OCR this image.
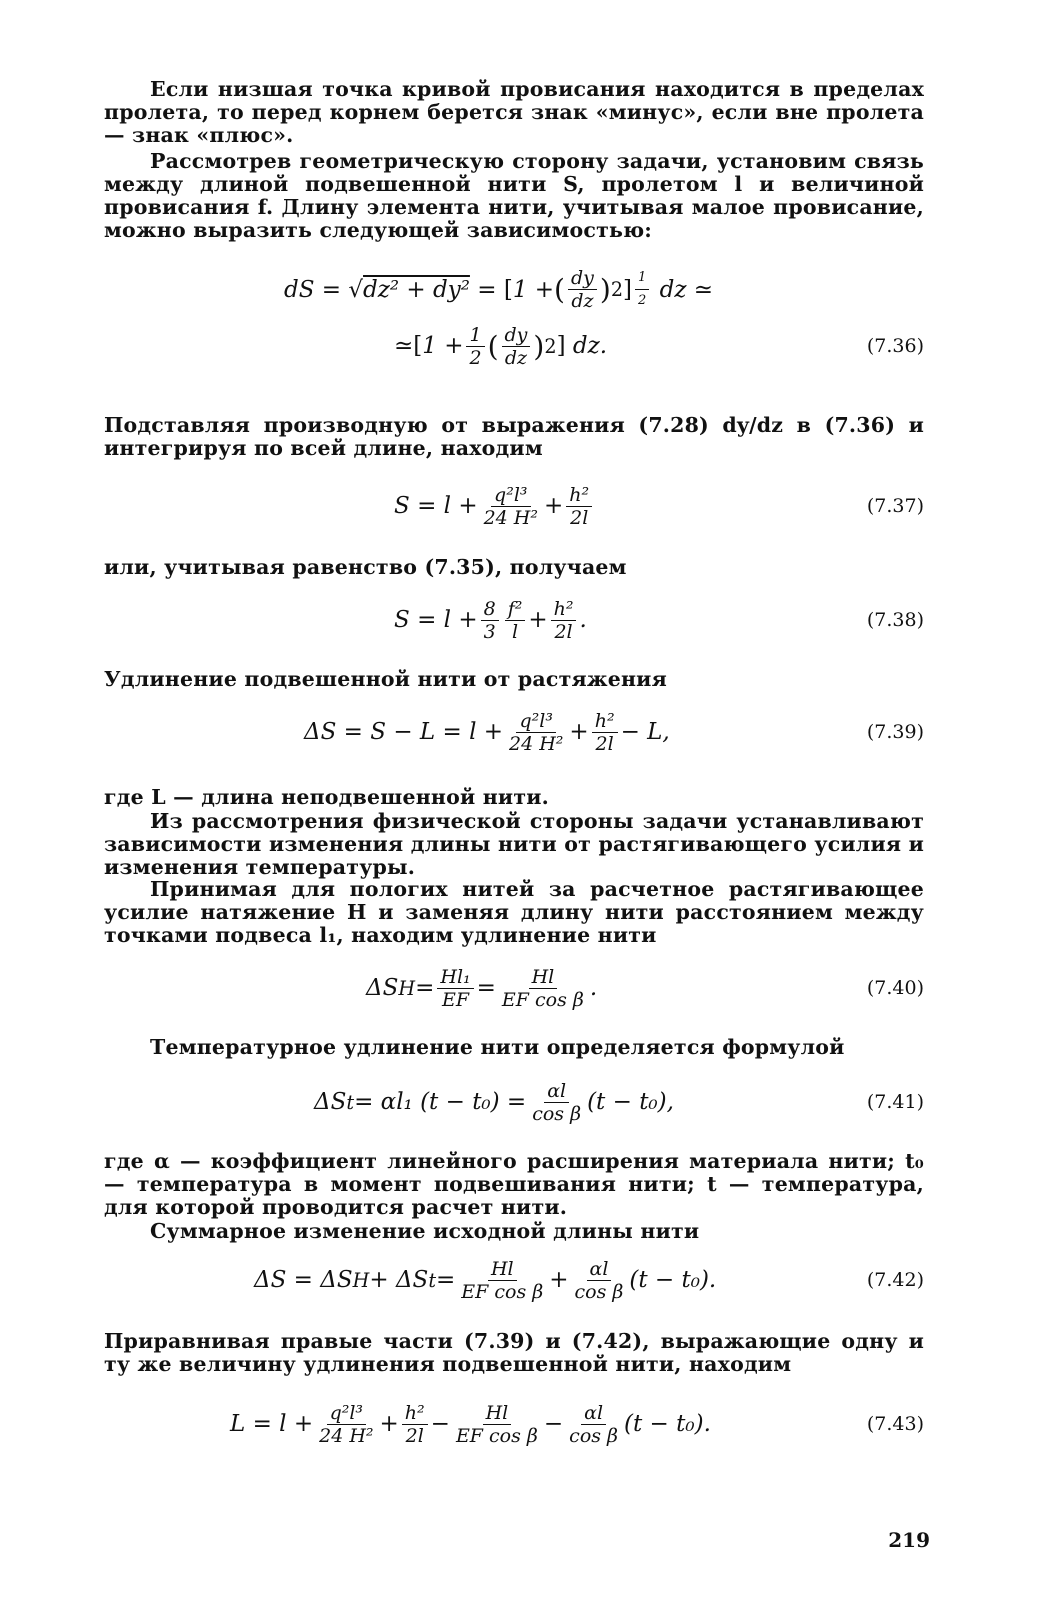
Если низшая точка кривой провисания находится в пределах пролета, то перед корнем берется знак «минус», если вне пролета — знак «плюс».
Рассмотрев геометрическую сторону задачи, установим связь между длиной подвешенной нити S, пролетом l и величиной провисания f. Длину элемента нити, учитывая малое провисание, можно выразить следующей зависимостью:
dS = √ dz² + dy² = [ 1 + ( $\frac{dy}{dz}$ ) 2 ] $\frac{1}{2}$ dz ≃
≃ [ $1 + \frac{1}{2}$ ( $\frac{dy}{dz}$ ) 2 ] dz.	(7.36)
Подставляя производную от выражения (7.28) dy/dz в (7.36) и интегрируя по всей длине, находим
$S = l + \frac{\text{q²l³}}{\text{24 H²}} + \frac{\text{h²}}{2l}$	(7.37)
или, учитывая равенство (7.35), получаем
$S = l + \frac{8}{3} \frac{\text{f²}}{l} + \frac{\text{h²}}{2l}$ .	(7.38)
Удлинение подвешенной нити от растяжения
$\Delta S = S - L = l + \frac{\text{q²l³}}{\text{24 H²}} + \frac{\text{h²}}{2l} - L$,	(7.39)
где L — длина неподвешенной нити.
Из рассмотрения физической стороны задачи устанавливают зависимости изменения длины нити от растягивающего усилия и изменения температуры.
Принимая для пологих нитей за расчетное растягивающее усилие натяжение H и заменяя длину нити расстоянием между точками подвеса l₁, находим удлинение нити
ΔS $H = \frac{\text{Hl₁}}{EF} = \frac{Hl}{\text{EF cos β}}$ .	(7.40)
Температурное удлинение нити определяется формулой
ΔS t = αl₁ $(t - t_0) = \frac{\alpha l}{\text{cos β}} (t - t_0)$,	(7.41)
где α — коэффициент линейного расширения материала нити; t₀ — температура в момент подвешивания нити; t — температура, для которой проводится расчет нити.
Суммарное изменение исходной длины нити
ΔS = ΔS H + ΔS $t = \frac{Hl}{\text{EF cos β}} + \frac{\alpha l}{\text{cos β}} (t - t_0)$.	(7.42)
Приравнивая правые части (7.39) и (7.42), выражающие одну и ту же величину удлинения подвешенной нити, находим
$L = l + \frac{\text{q²l³}}{\text{24 H²}} + \frac{\text{h²}}{2l} - \frac{Hl}{\text{EF cos β}} - \frac{\alpha l}{\text{cos β}} (t - t_0)$.	(7.43)
219
